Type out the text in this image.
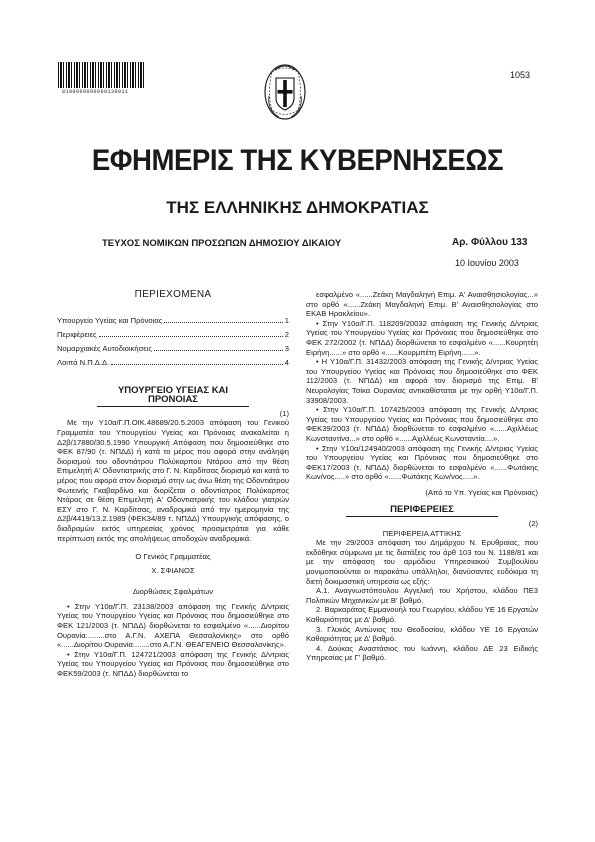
0190000090000130011
1053
ΕΦΗΜΕΡΙΣ ΤΗΣ ΚΥΒΕΡΝΗΣΕΩΣ
ΤΗΣ ΕΛΛΗΝΙΚΗΣ ΔΗΜΟΚΡΑΤΙΑΣ
ΤΕΥΧΟΣ ΝΟΜΙΚΩΝ ΠΡΟΣΩΠΩΝ ΔΗΜΟΣΙΟΥ ΔΙΚΑΙΟΥ	Αρ. Φύλλου 133
10 Ιουνίου 2003
ΠΕΡΙΕΧΟΜΕΝΑ
Υπουργείο Υγείας και Πρόνοιας	1
Περιφέρειες	2
Νομαρχιακές Αυτοδιοικήσεις	3
Λοιπά Ν.Π.Δ.Δ.	4
ΥΠΟΥΡΓΕΙΟ ΥΓΕΙΑΣ ΚΑΙ ΠΡΟΝΟΙΑΣ
(1)
Με την Υ10α/Γ.Π.ΟΙΚ.48689/20.5.2003 απόφαση του Γενικού Γραμματέα του Υπουργείου Υγείας και Πρόνοιας ανακαλείται η Δ2β/17880/30.5.1990 Υπουργική Απόφαση που δημοσιεύθηκε στο ΦΕΚ 87/90 (τ. ΝΠΔΔ) ή κατά το μέρος που αφορά στην ανάληψη διορισμού του οδοντιάτρου Πολύκαρπου Ντάρου από την θέση Επιμελητή Α' Οδοντιατρικής στο Γ. Ν. Καρδίτσας διορισμό και κατά το μέρος που αφορά στον διορισμό στην ως άνω θέση της Οδοντιάτρου Φωτεινής Γκαβαρδίνα και διορίζεται ο οδοντίατρος Πολύκαρπος Ντάρος σε θέση Επιμελητή Α' Οδοντιατρικής του κλάδου γιατρών ΕΣΥ στο Γ. Ν. Καρδίτσας, αναδρομικά από την ημερομηνία της Δ2β/4419/13.2.1989 (ΦΕΚ34/89 τ. ΝΠΔΔ) Υπουργικής απόφασης, ο διαδραμών εκτός υπηρεσίας χρόνος προσμετράται για κάθε περίπτωση εκτός της απολήψεως αποδοχών αναδρομικά.
Ο Γενικός Γραμματέας
Χ. ΣΦΙΑΝΟΣ
Διορθώσεις Σφαλμάτων
• Στην Υ10α/Γ.Π. 23138/2003 απόφαση της Γενικής Δ/ντριας Υγείας του Υπουργείου Υγείας και Πρόνοιας που δημοσιεύθηκε στο ΦΕΚ 121/2003 (τ. ΝΠΔΔ) διορθώνεται το εσφαλμένο «......Διορίτου Ουρανία.........στο Α.Γ.Ν. ΑΧΕΠΑ Θεσσαλονίκης» στο ορθό «......Διορίτου Ουρανία........στο Α.Γ.Ν. ΘΕΑΓΕΝΕΙΟ Θεσσαλονίκης».
• Στην Υ10α/Γ.Π. 124721/2003 απόφαση της Γενικής Δ/ντριας Υγείας του Υπουργείου Υγείας και Πρόνοιας που δημοσιεύθηκε στο ΦΕΚ59/2003 (τ. ΝΠΔΔ) διορθώνεται το
εσφαλμένο «......Ζεάκη Μαγδαληνή Επιμ. Α' Αναισθησιολογίας...» στο ορθό «......Ζεάκη Μαγδαληνή Επιμ. Β' Αναισθησιολογίας στο ΕΚΑΒ Ηρακλείου».
• Στην Υ10α/Γ.Π. 118209/20032 απόφαση της Γενικής Δ/ντριας Υγείας του Υπουργείου Υγείας και Πρόνοιας που δημοσιεύθηκε στο ΦΕΚ 272/2002 (τ. ΝΠΔΔ) διορθώνεται το εσφαλμένο «......Κουρητέη Ειρήνη......» στο ορθό «......Κουρμπέτη Ειρήνη......».
• Η Υ10α/Γ.Π. 31432/2003 απόφαση της Γενικής Δ/ντριας Υγείας του Υπουργείου Υγείας και Πρόνοιας που δημοσιεύθηκε στο ΦΕΚ 112/2003 (τ. ΝΠΔΔ) και αφορά τον διορισμό της Επιμ. Β' Νευρολογίας Τσίκα Ουρανίας αντικαθίσταται με την ορθή Υ10α/Γ.Π. 33908/2003.
• Στην Υ10α/Γ.Π. 107425/2003 απόφαση της Γενικής Δ/ντριας Υγείας του Υπουργείου Υγείας και Πρόνοιας που δημοσιεύθηκε στο ΦΕΚ39/2003 (τ. ΝΠΔΔ) διορθώνεται το εσφαλμένο «......Αχιλλέως Κωνσταντίνα...» στο ορθό «......Αχιλλέως Κωνσταντία....».
• Στην Υ10α/124940/2003 απόφαση της Γενικής Δ/ντριας Υγείας του Υπουργείου Υγείας και Πρόνοιας που δημοσιεύθηκε στο ΦΕΚ17/2003 (τ. ΝΠΔΔ) διορθώνεται το εσφαλμένο «......Φωτάκης Κων/νος.....» στο ορθό «......Φωτάκης Κων/νος.....».
(Από το Υπ. Υγείας και Πρόνοιας)
ΠΕΡΙΦΕΡΕΙΕΣ
(2)
ΠΕΡΙΦΕΡΕΙΑ ΑΤΤΙΚΗΣ
Με την 29/2003 απόφαση του Δημάρχου Ν. Ερυθραίας, που εκδόθηκε σύμφωνα με τις διατάξεις του άρθ 103 του Ν. 1188/81 και με την απόφαση του αρμόδιου Υπηρεσιακού Συμβουλίου μονιμοποιούνται οι παρακάτω υπάλληλοι, διανύσαντες ευδόκιμα τη διετή δοκιμαστική υπηρεσία ως εξής:
Α.1. Αναγνωστόπουλου Αγγελική του Χρήστου, κλάδου ΠΕ3 Πολιτικών Μηχανικών με Β' βαθμό.
2. Βαρκαράτας Εμμανουήλ του Γεωργίου, κλάδου ΥΕ 16 Εργατών Καθαριότητας με Δ' βαθμό.
3. Γλυκός Αντώνιος του Θεοδοσίου, κλάδου ΥΕ 16 Εργατών Καθαριότητας με Δ' βαθμό.
4. Δούκας Αναστάσιος του Ιωάννη, κλάδου ΔΕ 23 Ειδικής Υπηρεσίας με Γ' βαθμό.
